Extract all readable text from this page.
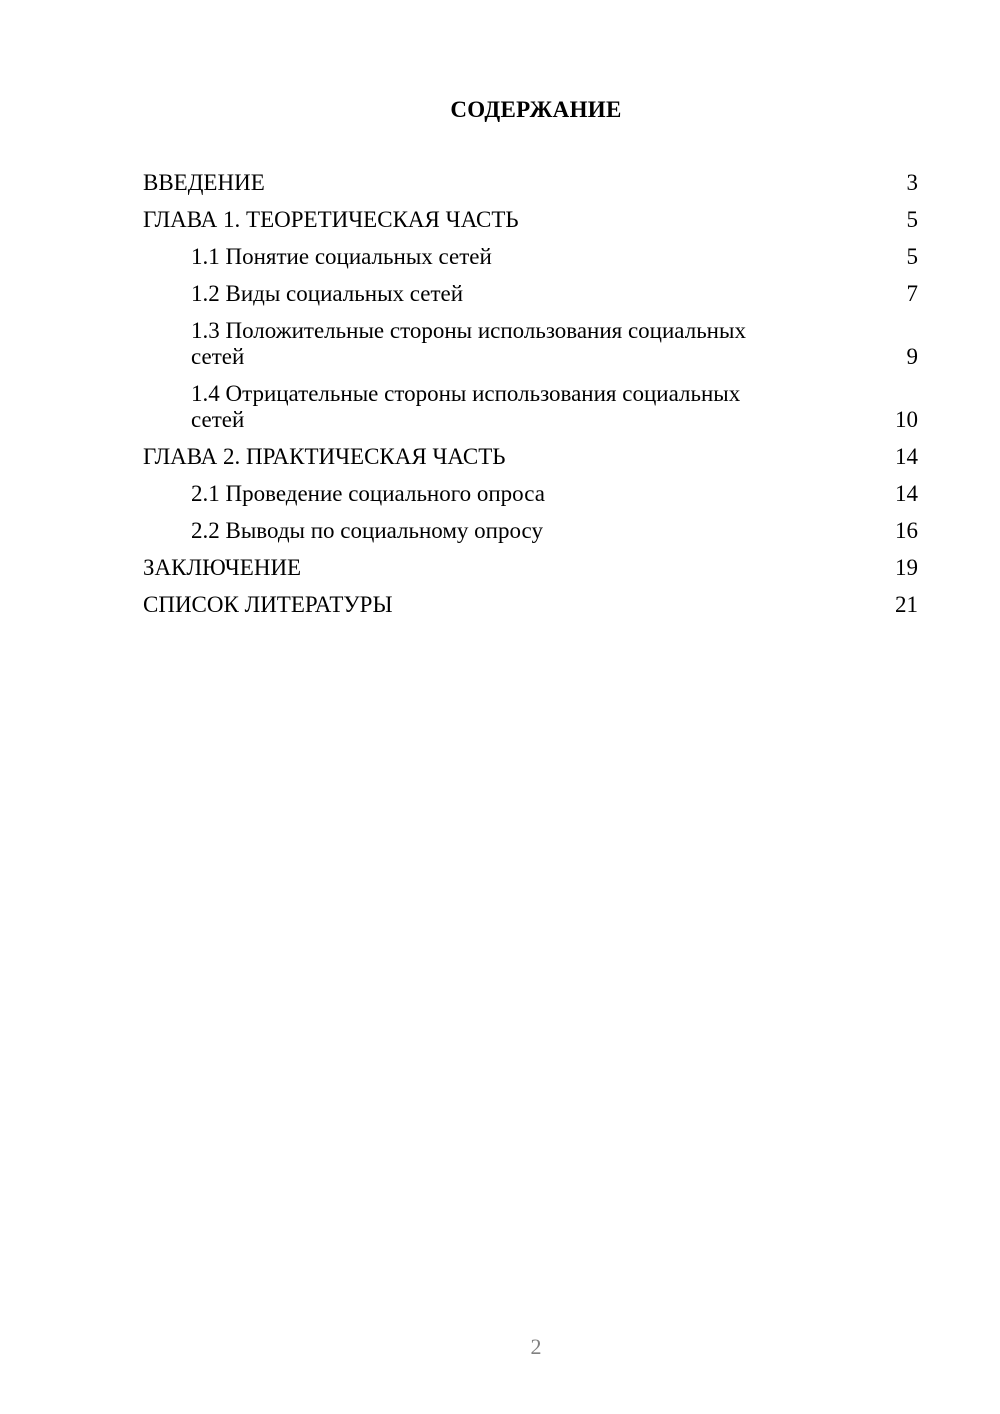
СОДЕРЖАНИЕ
ВВЕДЕНИЕ	3
ГЛАВА 1. ТЕОРЕТИЧЕСКАЯ ЧАСТЬ	5
1.1 Понятие социальных сетей	5
1.2 Виды социальных сетей	7
1.3 Положительные стороны использования социальных сетей	9
1.4 Отрицательные стороны использования социальных сетей	10
ГЛАВА 2. ПРАКТИЧЕСКАЯ ЧАСТЬ	14
2.1 Проведение социального опроса	14
2.2 Выводы по социальному опросу	16
ЗАКЛЮЧЕНИЕ	19
СПИСОК ЛИТЕРАТУРЫ	21
2
